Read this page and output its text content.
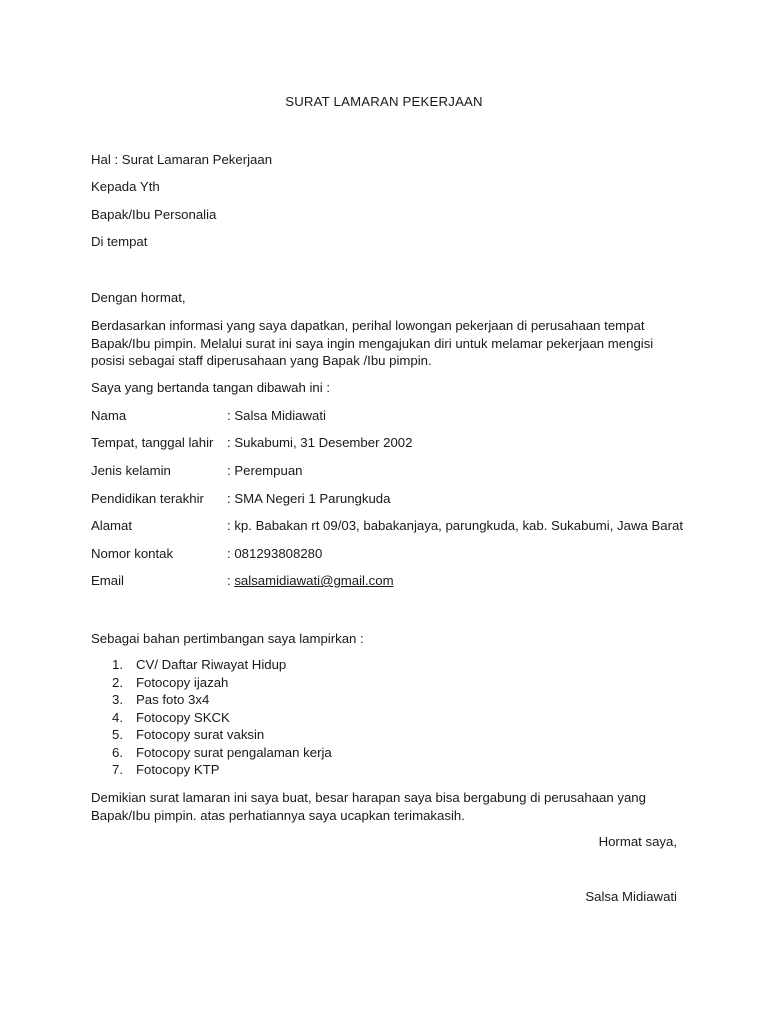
SURAT LAMARAN PEKERJAAN
Hal : Surat Lamaran Pekerjaan
Kepada Yth
Bapak/Ibu Personalia
Di tempat
Dengan hormat,
Berdasarkan informasi yang saya dapatkan, perihal lowongan pekerjaan di perusahaan tempat Bapak/Ibu pimpin. Melalui surat ini saya ingin mengajukan diri untuk melamar pekerjaan mengisi posisi sebagai staff diperusahaan yang Bapak /Ibu pimpin.
Saya yang bertanda tangan dibawah ini :
Nama	: Salsa Midiawati
Tempat, tanggal lahir : Sukabumi, 31 Desember 2002
Jenis kelamin	: Perempuan
Pendidikan terakhir : SMA Negeri 1 Parungkuda
Alamat	: kp. Babakan rt 09/03, babakanjaya, parungkuda, kab. Sukabumi, Jawa Barat
Nomor kontak	: 081293808280
Email	: salsamidiawati@gmail.com
Sebagai bahan pertimbangan saya lampirkan :
1. CV/ Daftar Riwayat Hidup
2. Fotocopy ijazah
3. Pas foto 3x4
4. Fotocopy SKCK
5. Fotocopy surat vaksin
6. Fotocopy surat pengalaman kerja
7. Fotocopy KTP
Demikian surat lamaran ini saya buat, besar harapan saya bisa bergabung di perusahaan yang Bapak/Ibu pimpin. atas perhatiannya saya ucapkan terimakasih.
Hormat saya,
Salsa Midiawati
